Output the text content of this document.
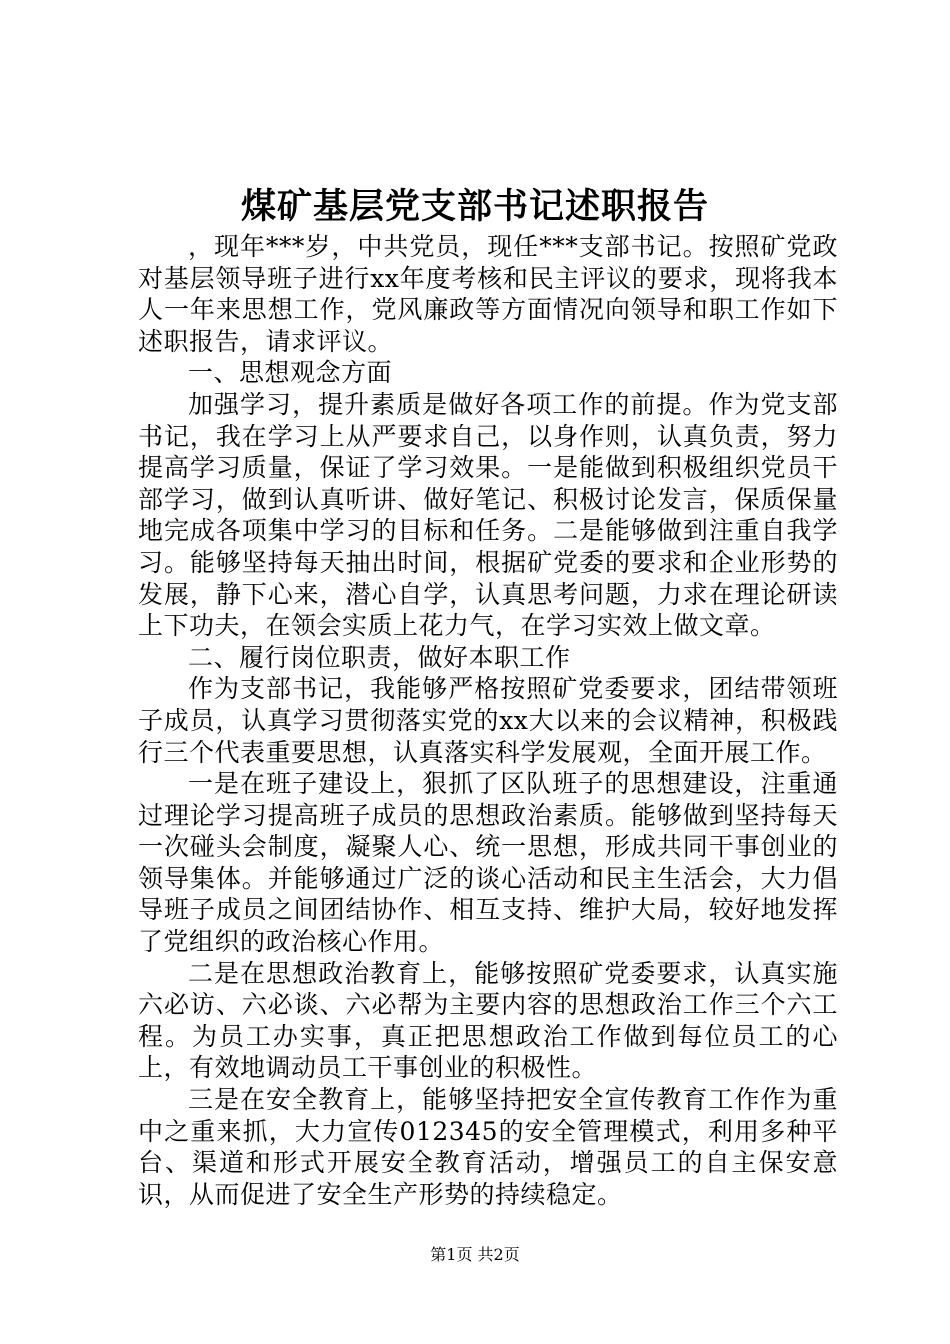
煤矿基层党支部书记述职报告

，现年***岁，中共党员，现任***支部书记。按照矿党政对基层领导班子进行xx年度考核和民主评议的要求，现将我本人一年来思想工作，党风廉政等方面情况向领导和职工作如下述职报告，请求评议。

一、思想观念方面

加强学习，提升素质是做好各项工作的前提。作为党支部书记，我在学习上从严要求自己，以身作则，认真负责，努力提高学习质量，保证了学习效果。一是能做到积极组织党员干部学习，做到认真听讲、做好笔记、积极讨论发言，保质保量地完成各项集中学习的目标和任务。二是能够做到注重自我学习。能够坚持每天抽出时间，根据矿党委的要求和企业形势的发展，静下心来，潜心自学，认真思考问题，力求在理论研读上下功夫，在领会实质上花力气，在学习实效上做文章。

二、履行岗位职责，做好本职工作

作为支部书记，我能够严格按照矿党委要求，团结带领班子成员，认真学习贯彻落实党的xx大以来的会议精神，积极践行三个代表重要思想，认真落实科学发展观，全面开展工作。

一是在班子建设上，狠抓了区队班子的思想建设，注重通过理论学习提高班子成员的思想政治素质。能够做到坚持每天一次碰头会制度，凝聚人心、统一思想，形成共同干事创业的领导集体。并能够通过广泛的谈心活动和民主生活会，大力倡导班子成员之间团结协作、相互支持、维护大局，较好地发挥了党组织的政治核心作用。

二是在思想政治教育上，能够按照矿党委要求，认真实施六必访、六必谈、六必帮为主要内容的思想政治工作三个六工程。为员工办实事，真正把思想政治工作做到每位员工的心上，有效地调动员工干事创业的积极性。

三是在安全教育上，能够坚持把安全宣传教育工作作为重中之重来抓，大力宣传012345的安全管理模式，利用多种平台、渠道和形式开展安全教育活动，增强员工的自主保安意识，从而促进了安全生产形势的持续稳定。

第1页 共2页
